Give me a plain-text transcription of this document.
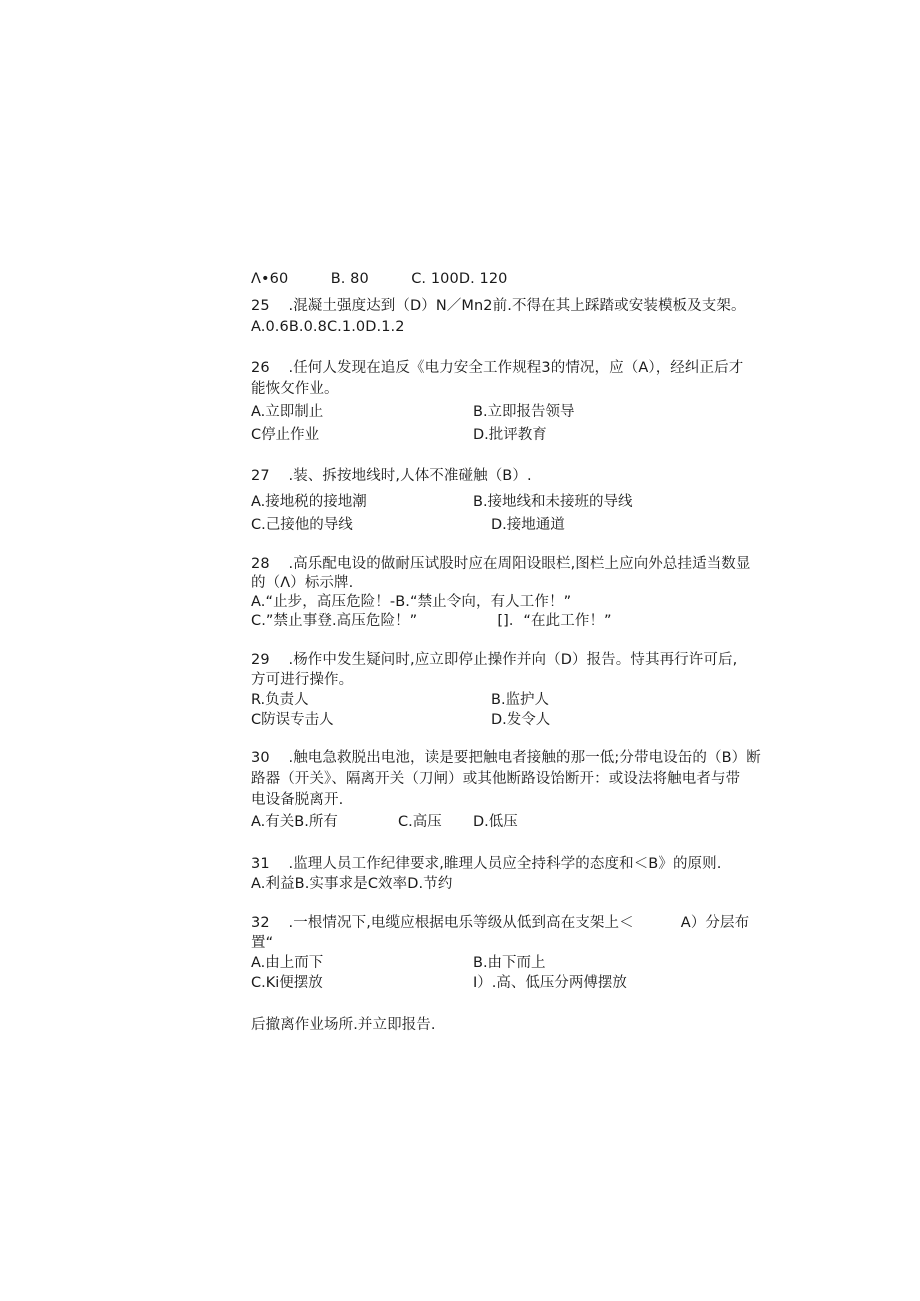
Λ•60         B. 80         C. 100D. 120
25    .混凝土强度达到（D）N／Mn2前.不得在其上踩踏或安装模板及支架。
A.0.6B.0.8C.1.0D.1.2
26    .任何人发现在追反《电力安全工作规程3的情况，应（A），经纠正后才
能恢攵作业。
A.立即制止	B.立即报告领导
C停止作业	D.批评教育
27    .装、拆按地线时,人体不准碰触（B）.
A.接地税的接地潮	B.接地线和未接班的导线
C.己接他的导线	D.接地通道
28    .高乐配电设的做耐压试股时应在周阳设眼栏,图栏上应向外总挂适当数显
的（Λ）标示牌.
A.“止步，高压危险！-B.“禁止令向，有人工作！”
C.”禁止事登.高压危险！”                 []．“在此工作！”
29    .杨作中发生疑问时,应立即停止操作并向（D）报告。恃其再行许可后,
方可进行操作。
R.负责人	B.监护人
C防误专击人	D.发令人
30    .触电急救脱出电池，读是要把触电者接触的那一低;分带电设缶的（B）断
路器（开关》、隔离开关（刀闸）或其他断路设饴断开：或设法将触电者与带
电设备脱离开.
A.有关B.所有	C.高压 D.低压
31    .监理人员工作纪律要求,睢理人员应全持科学的态度和＜B》的原则.
A.利益B.实事求是C效率D.节约
32    .一根情况下,电缆应根据电乐等级从低到高在支架上＜          A）分层布
置“
A.由上而下	B.由下而上
C.Ki便摆放	I）.高、低压分两傅摆放
后撤离作业场所.并立即报告.
